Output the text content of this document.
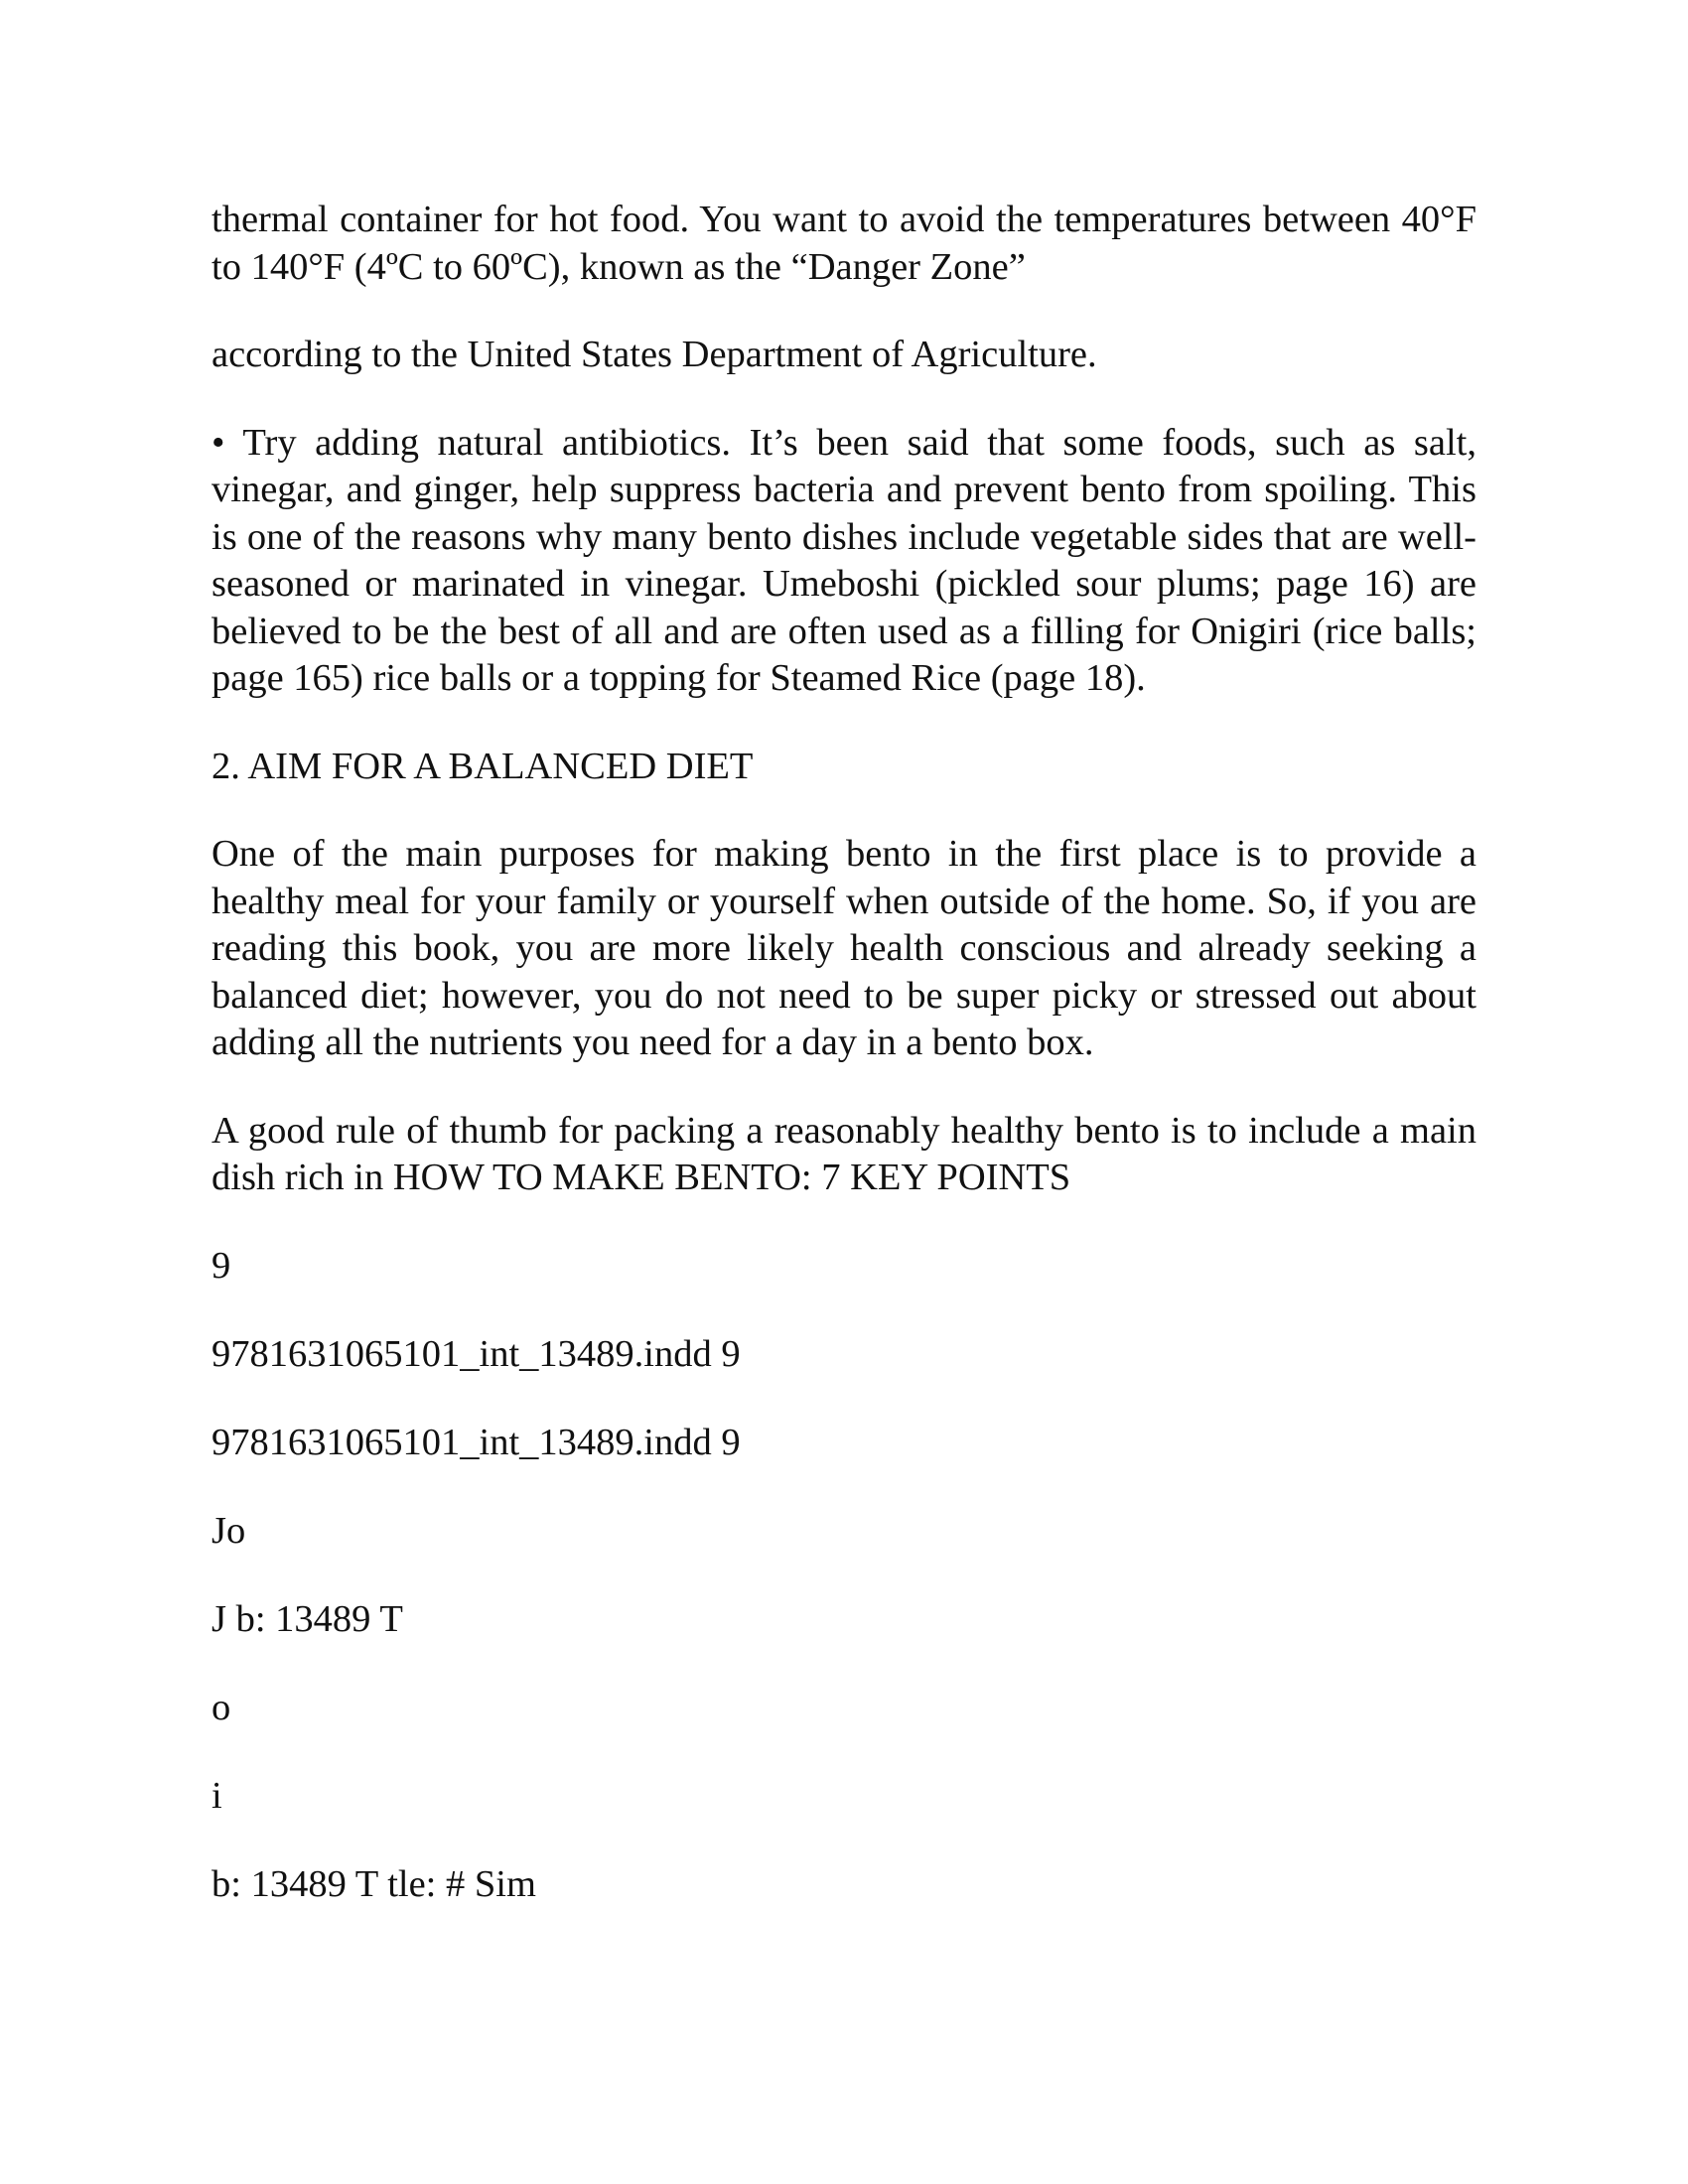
thermal container for hot food. You want to avoid the temperatures between 40°F to 140°F (4ºC to 60ºC), known as the “Danger Zone”

according to the United States Department of Agriculture.

• Try adding natural antibiotics. It’s been said that some foods, such as salt, vinegar, and ginger, help suppress bacteria and prevent bento from spoiling. This is one of the reasons why many bento dishes include vegetable sides that are well-seasoned or marinated in vinegar. Umeboshi (pickled sour plums; page 16) are believed to be the best of all and are often used as a filling for Onigiri (rice balls; page 165) rice balls or a topping for Steamed Rice (page 18).

2. AIM FOR A BALANCED DIET

One of the main purposes for making bento in the first place is to provide a healthy meal for your family or yourself when outside of the home. So, if you are reading this book, you are more likely health conscious and already seeking a balanced diet; however, you do not need to be super picky or stressed out about adding all the nutrients you need for a day in a bento box.

A good rule of thumb for packing a reasonably healthy bento is to include a main dish rich in HOW TO MAKE BENTO: 7 KEY POINTS

9
9781631065101_int_13489.indd 9
9781631065101_int_13489.indd 9
Jo
J b: 13489 T
o
i
b: 13489 T tle: # Sim
